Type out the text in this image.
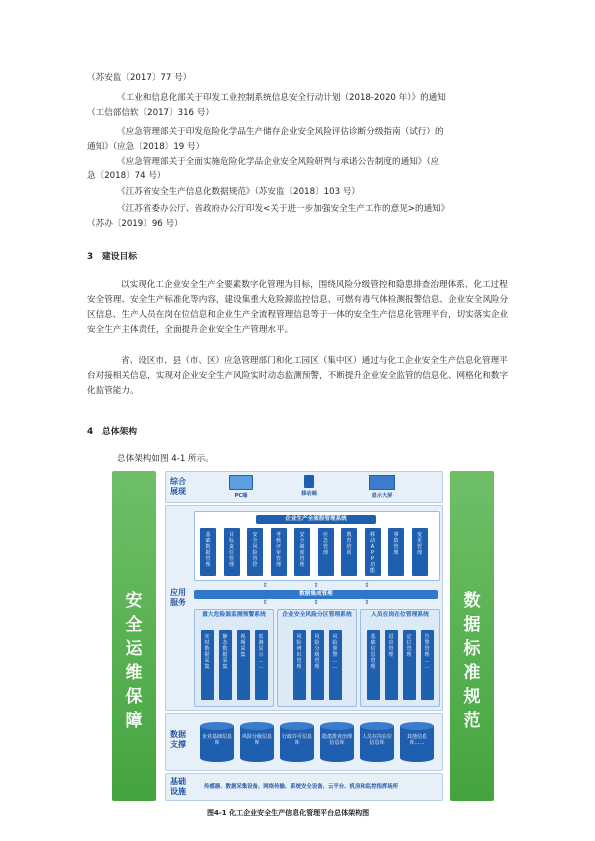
（苏安监〔2017〕77 号）
《工业和信息化部关于印发工业控制系统信息安全行动计划（2018-2020 年）》的通知
（工信部信软〔2017〕316 号）
《应急管理部关于印发危险化学品生产储存企业安全风险评估诊断分级指南（试行）的
通知》（应急〔2018〕19 号）
《应急管理部关于全面实施危险化学品企业安全风险研判与承诺公告制度的通知》（应
急〔2018〕74 号）
《江苏省安全生产信息化数据规范》（苏安监〔2018〕103 号）
《江苏省委办公厅、省政府办公厅印发<关于进一步加强安全生产工作的意见>的通知》
（苏办〔2019〕96 号）
3　建设目标
以实现化工企业安全生产全要素数字化管理为目标，围绕风险分级管控和隐患排查治理体系、化工过程安全管理、安全生产标准化等内容，建设集重大危险源监控信息、可燃有毒气体检测报警信息、企业安全风险分区信息、生产人员在岗在位信息和企业生产全流程管理信息等于一体的安全生产信息化管理平台，切实落实企业安全生产主体责任，全面提升企业安全生产管理水平。
省、设区市、县（市、区）应急管理部门和化工园区（集中区）通过与化工企业安全生产信息化管理平台对接相关信息，实现对企业安全生产风险实时动态监测预警，不断提升企业安全监管的信息化、网格化和数字化监管能力。
4　总体架构
总体架构如图 4-1 所示。
安
全
运
维
保
障
数
据
标
准
规
范
综合展现	PC端	移动端	显示大屏
应用服务
企业生产全流程管理系统
基
础
数
据
管
理
目
标
责
任
管
理
安
全
风
险
管
控
考
核
评
审
管
理
安
全
制
度
管
理
应
急
管
理
教
育
培
训
移
动
A
P
P
功
能
事
故
管
理
变
更
管
理
数据集成管理
⇕                        ⇕                        ⇕
⇕                        ⇕                        ⇕
重大危险源监测预警系统
实
时
数
据
采
集
静
态
数
据
采
集
视
频
采
集
监
测
显
示
…
…
企业安全风险分区管理系统
风
险
辨
识
管
理
风
险
分
级
管
理
风
险
预
警
…
…
人员在岗在位管理系统
基
础
信
息
管
理
进
出
管
理
定
位
管
理
告
警
管
理
…
…
数据支撑
企业基础信息库
风险分级信息库
行政许可信息库
隐患排查治理信息库
人员在岗在位信息库
其他信息库……
基础设施	传感器、数据采集设备、网络传输、系统安全设备、云平台、机房和监控指挥场所
图4-1 化工企业安全生产信息化管理平台总体架构图
